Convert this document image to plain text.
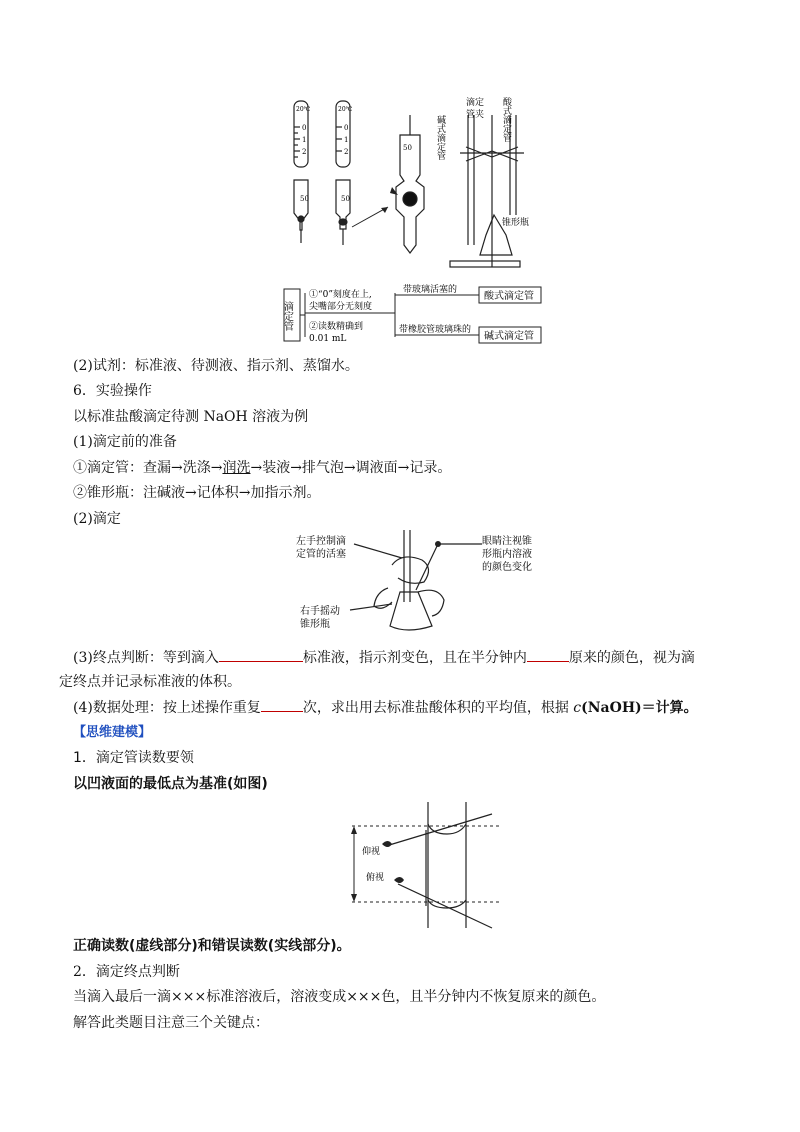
20℃
0
1
2
50
20℃
0
1
2
50
50
滴定
管夹
碱式滴定管	酸式滴定管
锥形瓶
滴定管
①“0”刻度在上,
尖嘴部分无刻度
②读数精确到
0.01 mL
带玻璃活塞的
带橡胶管玻璃珠的
酸式滴定管
碱式滴定管
(2)试剂：标准液、待测液、指示剂、蒸馏水。
6．实验操作
以标准盐酸滴定待测 NaOH 溶液为例
(1)滴定前的准备
①滴定管：查漏→洗涤→润洗→装液→排气泡→调液面→记录。
②锥形瓶：注碱液→记体积→加指示剂。
(2)滴定
左手控制滴
定管的活塞
右手摇动
锥形瓶
眼睛注视锥
形瓶内溶液
的颜色变化
(3)终点判断：等到滴入	标准液，指示剂变色，且在半分钟内	原来的颜色，视为滴
定终点并记录标准液的体积。
(4)数据处理：按上述操作重复	次，求出用去标准盐酸体积的平均值，根据 c(NaOH)＝计算。
【思维建模】
1．滴定管读数要领
以凹液面的最低点为基准(如图)
仰视
俯视
正确读数(虚线部分)和错误读数(实线部分)。
2．滴定终点判断
当滴入最后一滴×××标准溶液后，溶液变成×××色，且半分钟内不恢复原来的颜色。
解答此类题目注意三个关键点：
